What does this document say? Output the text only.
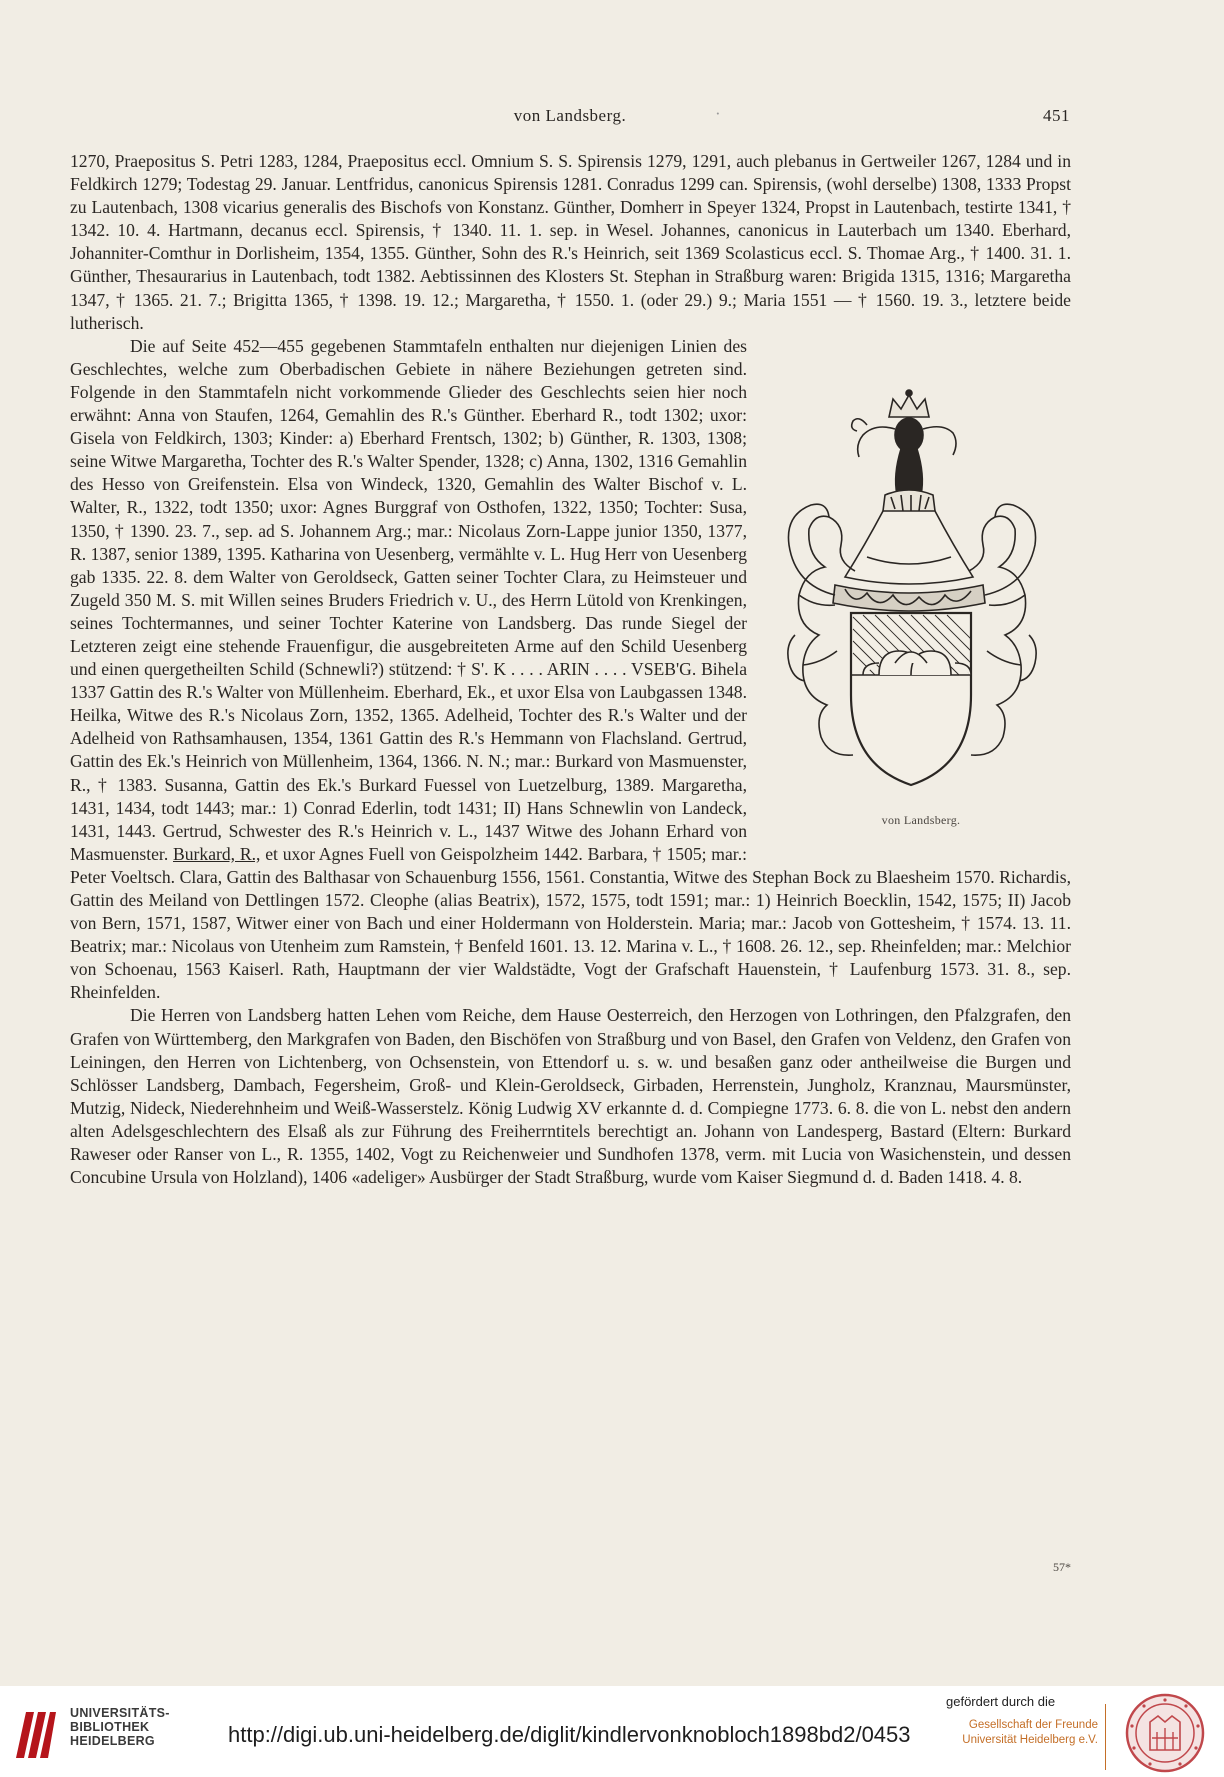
von Landsberg.	·	451

1270, Praepositus S. Petri 1283, 1284, Praepositus eccl. Omnium S. S. Spirensis 1279, 1291, auch plebanus in Gertweiler 1267, 1284 und in Feldkirch 1279; Todestag 29. Januar. Lentfridus, canonicus Spirensis 1281. Conradus 1299 can. Spirensis, (wohl derselbe) 1308, 1333 Propst zu Lautenbach, 1308 vicarius generalis des Bischofs von Konstanz. Günther, Domherr in Speyer 1324, Propst in Lautenbach, testirte 1341, † 1342. 10. 4. Hartmann, decanus eccl. Spirensis, † 1340. 11. 1. sep. in Wesel. Johannes, canonicus in Lauterbach um 1340. Eberhard, Johanniter-Comthur in Dorlisheim, 1354, 1355. Günther, Sohn des R.'s Heinrich, seit 1369 Scolasticus eccl. S. Thomae Arg., † 1400. 31. 1. Günther, Thesaurarius in Lautenbach, todt 1382. Aebtissinnen des Klosters St. Stephan in Straßburg waren: Brigida 1315, 1316; Margaretha 1347, † 1365. 21. 7.; Brigitta 1365, † 1398. 19. 12.; Margaretha, † 1550. 1. (oder 29.) 9.; Maria 1551 — † 1560. 19. 3., letztere beide lutherisch.

von Landsberg.

Die auf Seite 452—455 gegebenen Stammtafeln enthalten nur diejenigen Linien des Geschlechtes, welche zum Oberbadischen Gebiete in nähere Beziehungen getreten sind. Folgende in den Stammtafeln nicht vorkommende Glieder des Geschlechts seien hier noch erwähnt: Anna von Staufen, 1264, Gemahlin des R.'s Günther. Eberhard R., todt 1302; uxor: Gisela von Feldkirch, 1303; Kinder: a) Eberhard Frentsch, 1302; b) Günther, R. 1303, 1308; seine Witwe Margaretha, Tochter des R.'s Walter Spender, 1328; c) Anna, 1302, 1316 Gemahlin des Hesso von Greifenstein. Elsa von Windeck, 1320, Gemahlin des Walter Bischof v. L. Walter, R., 1322, todt 1350; uxor: Agnes Burggraf von Osthofen, 1322, 1350; Tochter: Susa, 1350, † 1390. 23. 7., sep. ad S. Johannem Arg.; mar.: Nicolaus Zorn-Lappe junior 1350, 1377, R. 1387, senior 1389, 1395. Katharina von Uesenberg, vermählte v. L. Hug Herr von Uesenberg gab 1335. 22. 8. dem Walter von Geroldseck, Gatten seiner Tochter Clara, zu Heimsteuer und Zugeld 350 M. S. mit Willen seines Bruders Friedrich v. U., des Herrn Lütold von Krenkingen, seines Tochtermannes, und seiner Tochter Katerine von Landsberg. Das runde Siegel der Letzteren zeigt eine stehende Frauenfigur, die ausgebreiteten Arme auf den Schild Uesenberg und einen quergetheilten Schild (Schnewli?) stützend: † S'. K . . . . ARIN . . . . VSEB'G. Bihela 1337 Gattin des R.'s Walter von Müllenheim. Eberhard, Ek., et uxor Elsa von Laubgassen 1348. Heilka, Witwe des R.'s Nicolaus Zorn, 1352, 1365. Adelheid, Tochter des R.'s Walter und der Adelheid von Rathsamhausen, 1354, 1361 Gattin des R.'s Hemmann von Flachsland. Gertrud, Gattin des Ek.'s Heinrich von Müllenheim, 1364, 1366. N. N.; mar.: Burkard von Masmuenster, R., † 1383. Susanna, Gattin des Ek.'s Burkard Fuessel von Luetzelburg, 1389. Margaretha, 1431, 1434, todt 1443; mar.: 1) Conrad Ederlin, todt 1431; II) Hans Schnewlin von Landeck, 1431, 1443. Gertrud, Schwester des R.'s Heinrich v. L., 1437 Witwe des Johann Erhard von Masmuenster. Burkard, R., et uxor Agnes Fuell von Geispolzheim 1442. Barbara, † 1505; mar.: Peter Voeltsch. Clara, Gattin des Balthasar von Schauenburg 1556, 1561. Constantia, Witwe des Stephan Bock zu Blaesheim 1570. Richardis, Gattin des Meiland von Dettlingen 1572. Cleophe (alias Beatrix), 1572, 1575, todt 1591; mar.: 1) Heinrich Boecklin, 1542, 1575; II) Jacob von Bern, 1571, 1587, Witwer einer von Bach und einer Holdermann von Holderstein. Maria; mar.: Jacob von Gottesheim, † 1574. 13. 11. Beatrix; mar.: Nicolaus von Utenheim zum Ramstein, † Benfeld 1601. 13. 12. Marina v. L., † 1608. 26. 12., sep. Rheinfelden; mar.: Melchior von Schoenau, 1563 Kaiserl. Rath, Hauptmann der vier Waldstädte, Vogt der Grafschaft Hauenstein, † Laufenburg 1573. 31. 8., sep. Rheinfelden.

Die Herren von Landsberg hatten Lehen vom Reiche, dem Hause Oesterreich, den Herzogen von Lothringen, den Pfalzgrafen, den Grafen von Württemberg, den Markgrafen von Baden, den Bischöfen von Straßburg und von Basel, den Grafen von Veldenz, den Grafen von Leiningen, den Herren von Lichtenberg, von Ochsenstein, von Ettendorf u. s. w. und besaßen ganz oder antheilweise die Burgen und Schlösser Landsberg, Dambach, Fegersheim, Groß- und Klein-Geroldseck, Girbaden, Herrenstein, Jungholz, Kranznau, Maursmünster, Mutzig, Nideck, Niederehnheim und Weiß-Wasserstelz. König Ludwig XV erkannte d. d. Compiegne 1773. 6. 8. die von L. nebst den andern alten Adelsgeschlechtern des Elsaß als zur Führung des Freiherrntitels berechtigt an. Johann von Landesperg, Bastard (Eltern: Burkard Raweser oder Ranser von L., R. 1355, 1402, Vogt zu Reichenweier und Sundhofen 1378, verm. mit Lucia von Wasichenstein, und dessen Concubine Ursula von Holzland), 1406 «adeliger» Ausbürger der Stadt Straßburg, wurde vom Kaiser Siegmund d. d. Baden 1418. 4. 8.

57*
UNIVERSITÄTS-
BIBLIOTHEK
HEIDELBERG	http://digi.ub.uni-heidelberg.de/diglit/kindlervonknobloch1898bd2/0453
gefördert durch die
Gesellschaft der Freunde
Universität Heidelberg e.V.
